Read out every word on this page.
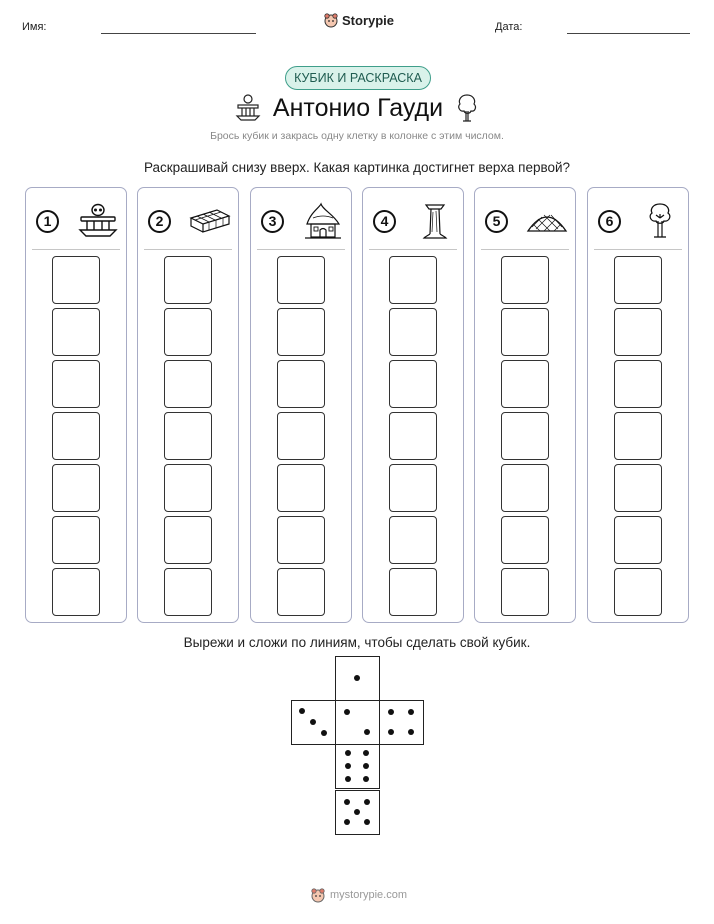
Имя:	Storypie	Дата:
КУБИК И РАСКРАСКА
Антонио Гауди
Брось кубик и закрась одну клетку в колонке с этим числом.
Раскрашивай снизу вверх. Какая картинка достигнет верха первой?
1	2	3	4	5	6
Вырежи и сложи по линиям, чтобы сделать свой кубик.
mystorypie.com
